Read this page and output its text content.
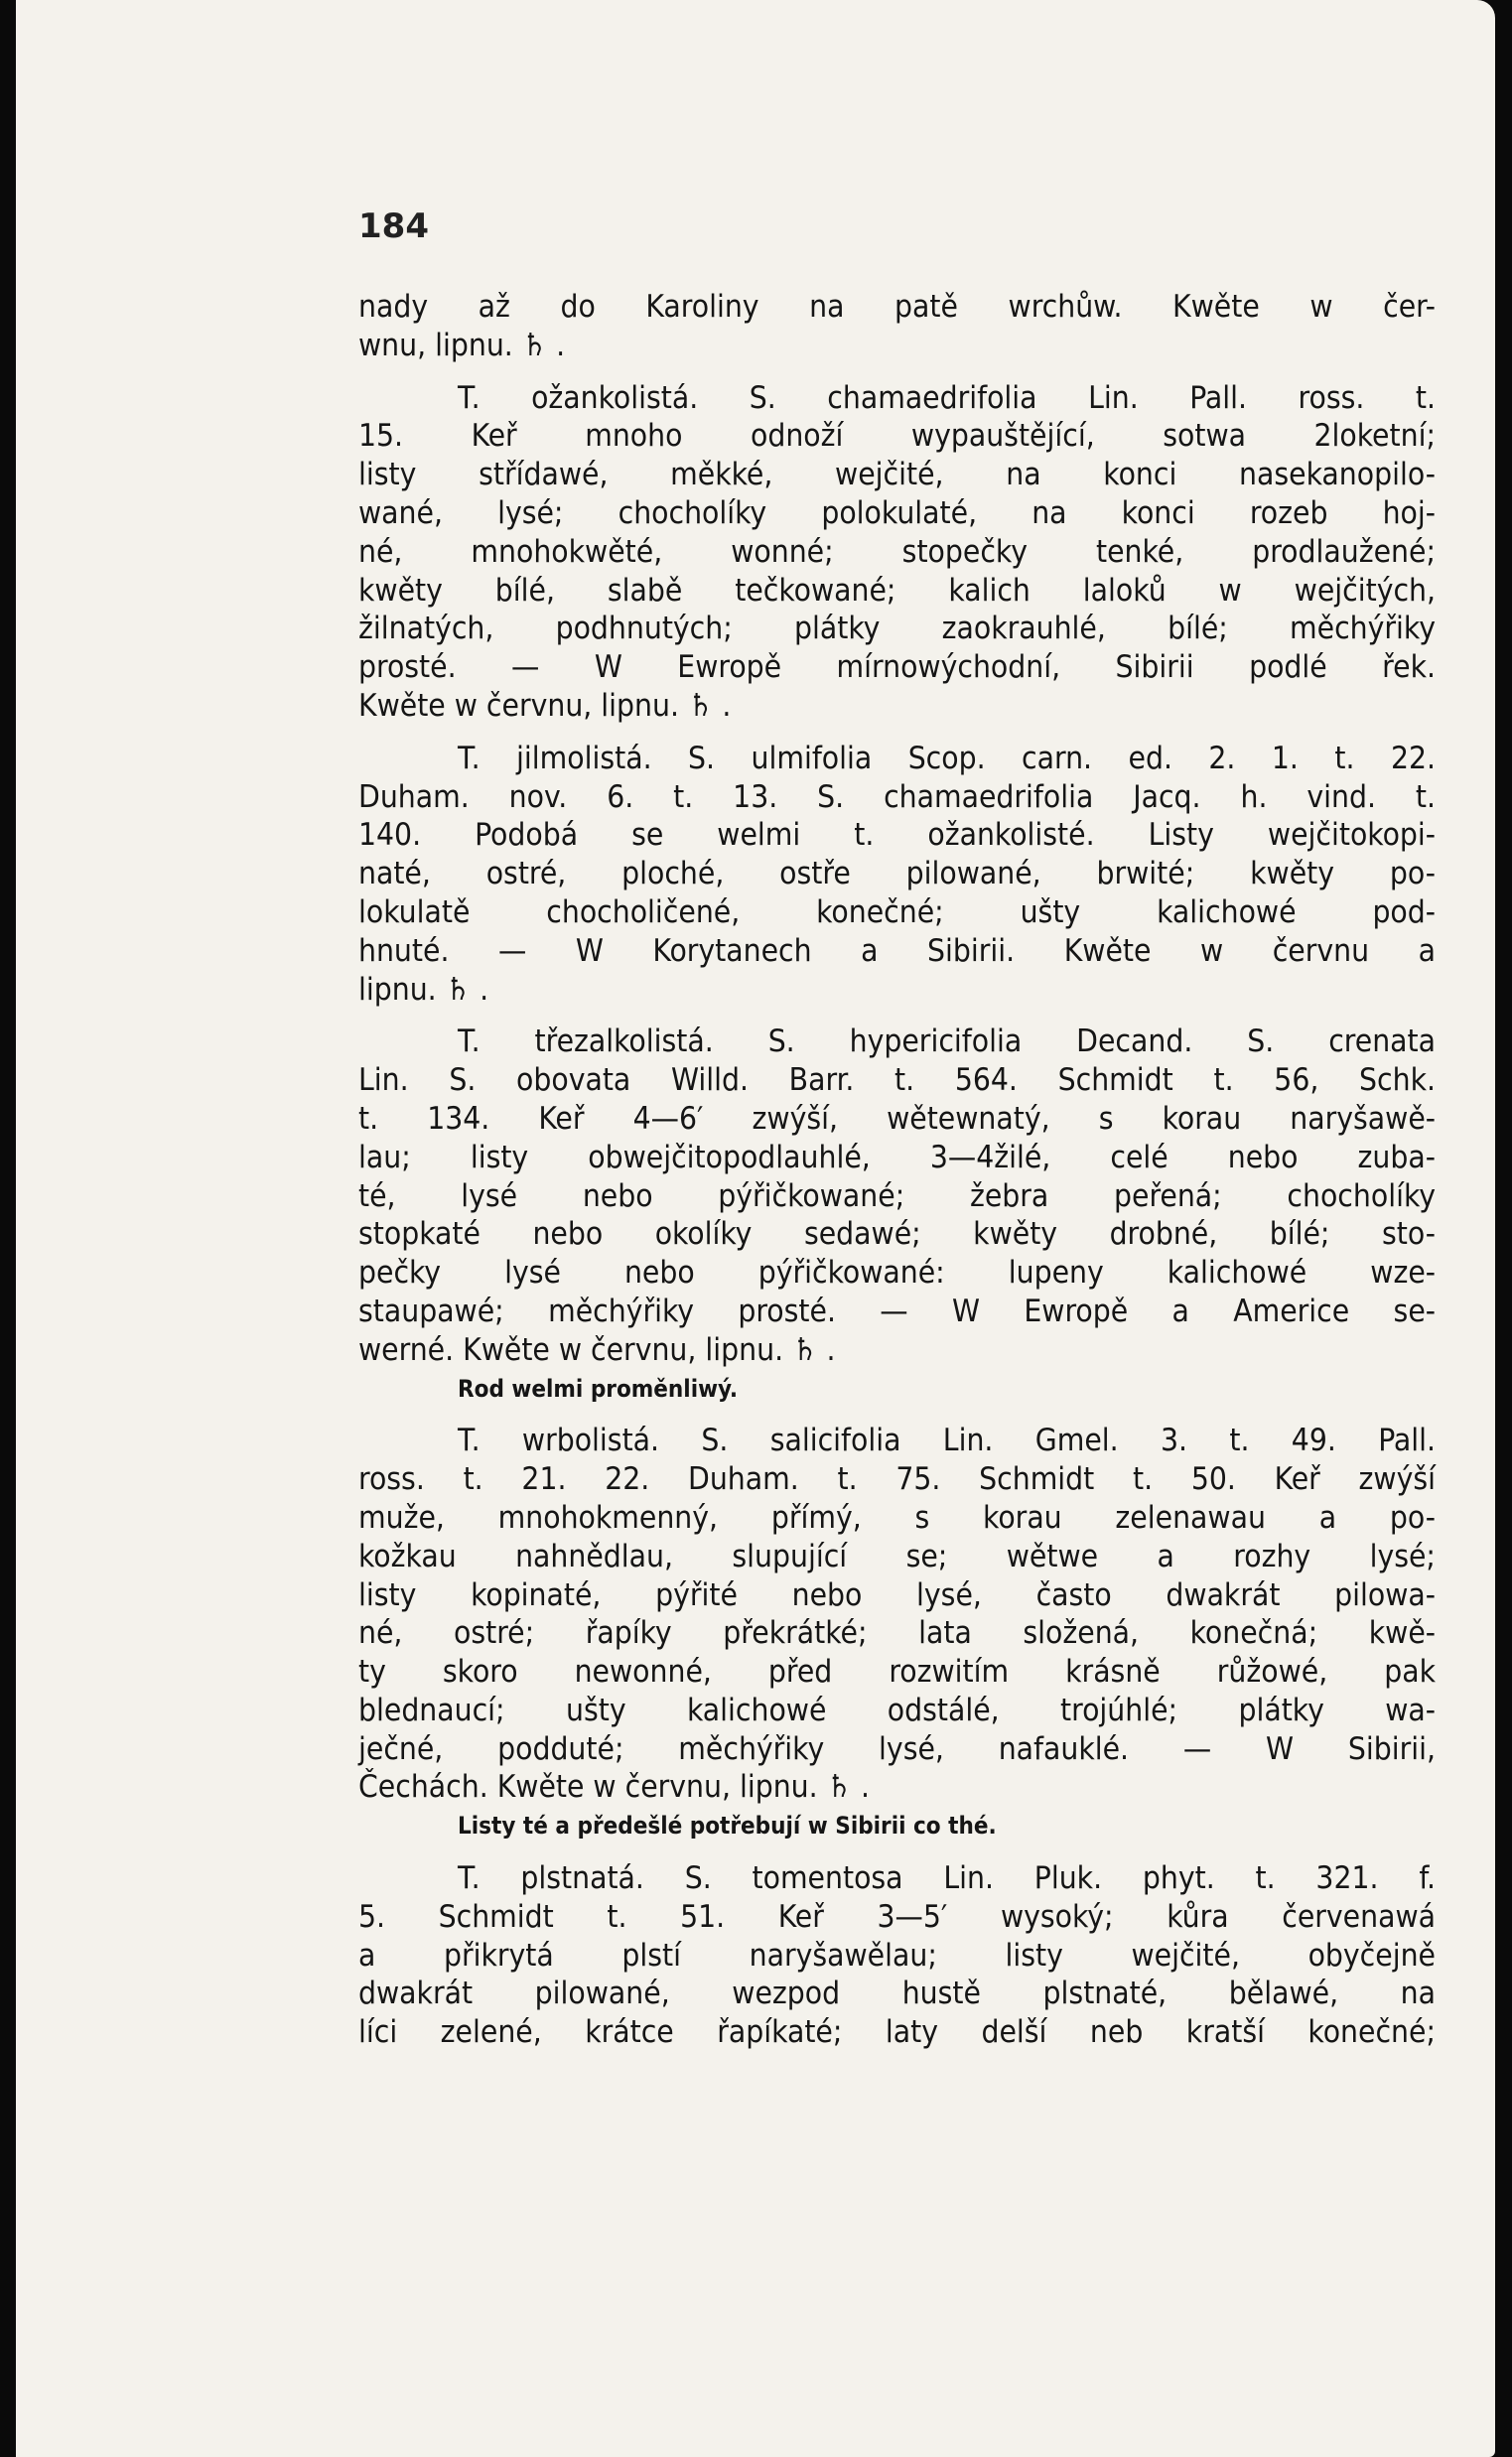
184
nady až do Karoliny na patě wrchůw. Kwěte w čer-
wnu, lipnu. ♄ .
T. ožankolistá. S. chamaedrifolia Lin. Pall. ross. t.
15. Keř mnoho odnoží wypauštějící, sotwa 2loketní;
listy střídawé, měkké, wejčité, na konci nasekanopilo-
wané, lysé; chocholíky polokulaté, na konci rozeb hoj-
né, mnohokwěté, wonné; stopečky tenké, prodlaužené;
kwěty bílé, slabě tečkowané; kalich laloků w wejčitých,
žilnatých, podhnutých; plátky zaokrauhlé, bílé; měchýřiky
prosté. — W Ewropě mírnowýchodní, Sibirii podlé řek.
Kwěte w červnu, lipnu. ♄ .
T. jilmolistá. S. ulmifolia Scop. carn. ed. 2. 1. t. 22.
Duham. nov. 6. t. 13. S. chamaedrifolia Jacq. h. vind. t.
140. Podobá se welmi t. ožankolisté. Listy wejčitokopi-
naté, ostré, ploché, ostře pilowané, brwité; kwěty po-
lokulatě chocholičené, konečné; ušty kalichowé pod-
hnuté. — W Korytanech a Sibirii. Kwěte w červnu a
lipnu. ♄ .
T. třezalkolistá. S. hypericifolia Decand. S. crenata
Lin. S. obovata Willd. Barr. t. 564. Schmidt t. 56, Schk.
t. 134. Keř 4—6′ zwýší, wětewnatý, s korau naryšawě-
lau; listy obwejčitopodlauhlé, 3—4žilé, celé nebo zuba-
té, lysé nebo pýřičkowané; žebra peřená; chocholíky
stopkaté nebo okolíky sedawé; kwěty drobné, bílé; sto-
pečky lysé nebo pýřičkowané: lupeny kalichowé wze-
staupawé; měchýřiky prosté. — W Ewropě a Americe se-
werné. Kwěte w červnu, lipnu. ♄ .
Rod welmi proměnliwý.
T. wrbolistá. S. salicifolia Lin. Gmel. 3. t. 49. Pall.
ross. t. 21. 22. Duham. t. 75. Schmidt t. 50. Keř zwýší
muže, mnohokmenný, přímý, s korau zelenawau a po-
kožkau nahnědlau, slupující se; wětwe a rozhy lysé;
listy kopinaté, pýřité nebo lysé, často dwakrát pilowa-
né, ostré; řapíky překrátké; lata složená, konečná; kwě-
ty skoro newonné, před rozwitím krásně růžowé, pak
blednaucí; ušty kalichowé odstálé, trojúhlé; plátky wa-
ječné, podduté; měchýřiky lysé, nafauklé. — W Sibirii,
Čechách. Kwěte w červnu, lipnu. ♄ .
Listy té a předešlé potřebují w Sibirii co thé.
T. plstnatá. S. tomentosa Lin. Pluk. phyt. t. 321. f.
5. Schmidt t. 51. Keř 3—5′ wysoký; kůra červenawá
a přikrytá plstí naryšawělau; listy wejčité, obyčejně
dwakrát pilowané, wezpod hustě plstnaté, bělawé, na
líci zelené, krátce řapíkaté; laty delší neb kratší konečné;
